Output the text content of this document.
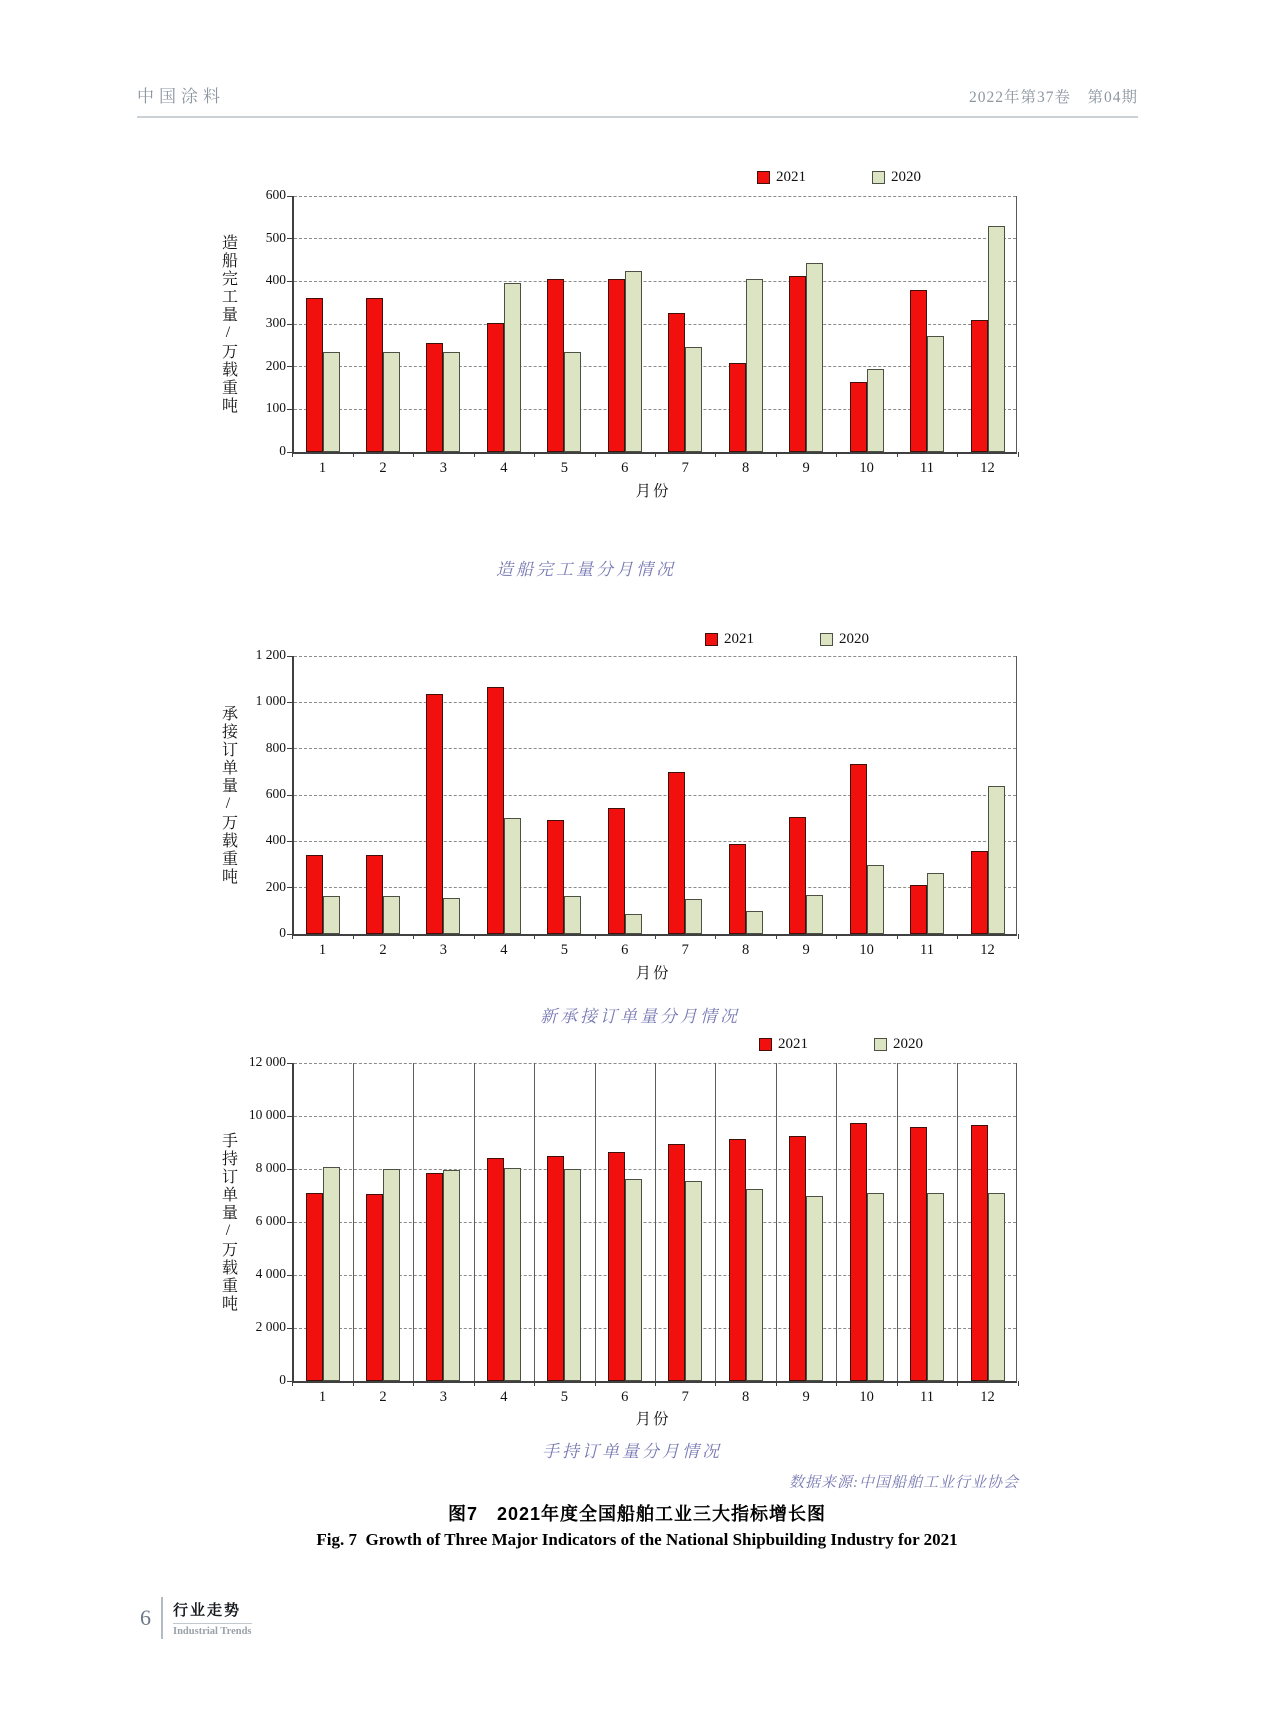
中国涂料	2022年第37卷　第04期
造船完工量/万载重吨
2021	2020
0
100
200
300
400
500
600
1	2	3	4	5	6	7	8	9	10	11	12
月份
造船完工量分月情况
承接订单量/万载重吨
2021	2020
0
200
400
600
800
1 000
1 200
1	2	3	4	5	6	7	8	9	10	11	12
月份
新承接订单量分月情况
手持订单量/万载重吨
2021	2020
0
2 000
4 000
6 000
8 000
10 000
12 000
1	2	3	4	5	6	7	8	9	10	11	12
月份
手持订单量分月情况
数据来源:中国船舶工业行业协会
图7　2021年度全国船舶工业三大指标增长图
Fig. 7  Growth of Three Major Indicators of the National Shipbuilding Industry for 2021
6 行业走势
Industrial Trends
